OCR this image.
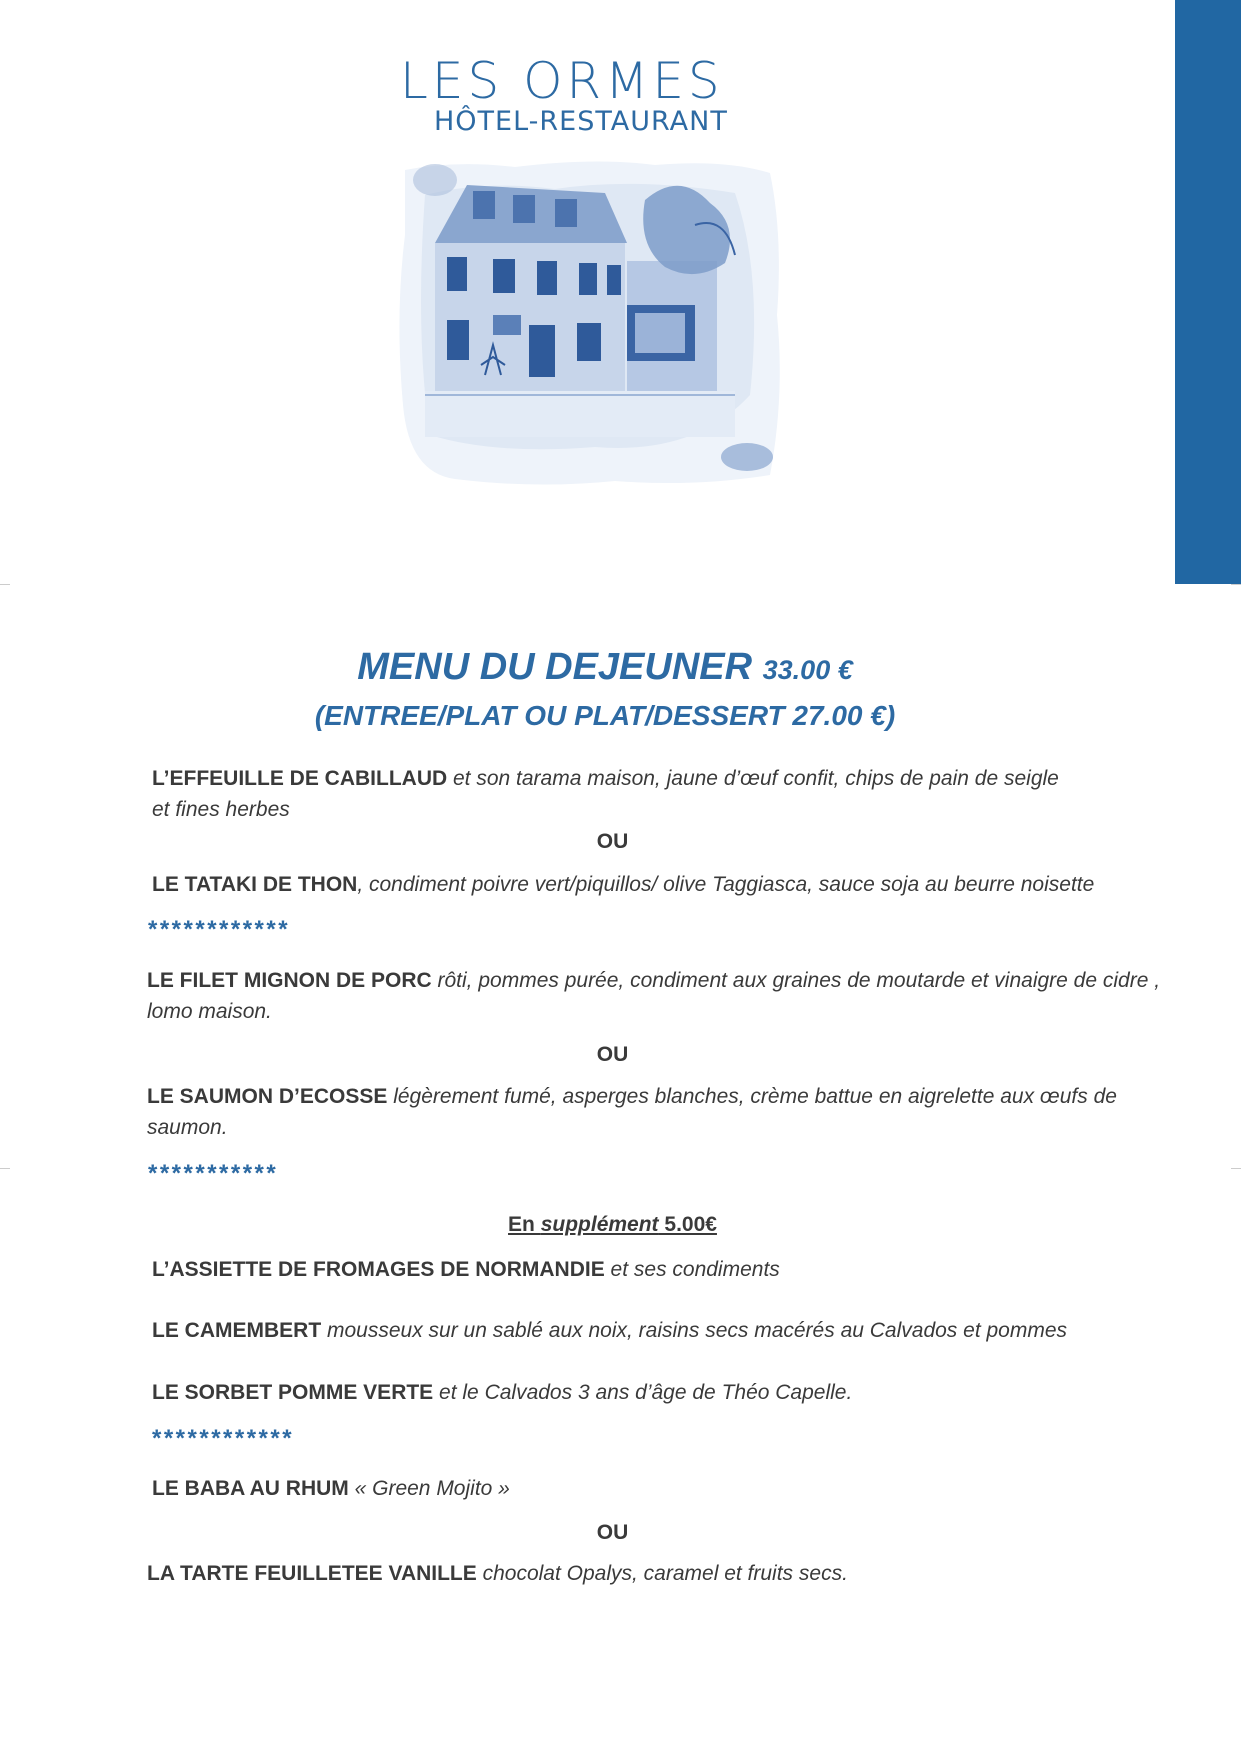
LES ORMES
HÔTEL-RESTAURANT
MENU DU DEJEUNER 33.00 €
(ENTREE/PLAT OU PLAT/DESSERT 27.00 €)
L’EFFEUILLE DE CABILLAUD et son tarama maison, jaune d’œuf confit, chips de pain de seigle
et fines herbes
OU
LE TATAKI DE THON, condiment poivre vert/piquillos/ olive Taggiasca, sauce soja au beurre noisette
************
LE FILET MIGNON DE PORC rôti, pommes purée, condiment aux graines de moutarde et vinaigre de cidre , lomo maison.
OU
LE SAUMON D’ECOSSE légèrement fumé, asperges blanches, crème battue en aigrelette aux œufs de saumon.
***********
En supplément 5.00€
L’ASSIETTE DE FROMAGES DE NORMANDIE et ses condiments
LE CAMEMBERT mousseux sur un sablé aux noix, raisins secs macérés au Calvados et pommes
LE SORBET POMME VERTE et le Calvados 3 ans d’âge de Théo Capelle.
************
LE BABA AU RHUM « Green Mojito »
OU
LA TARTE FEUILLETEE VANILLE chocolat Opalys, caramel et fruits secs.
